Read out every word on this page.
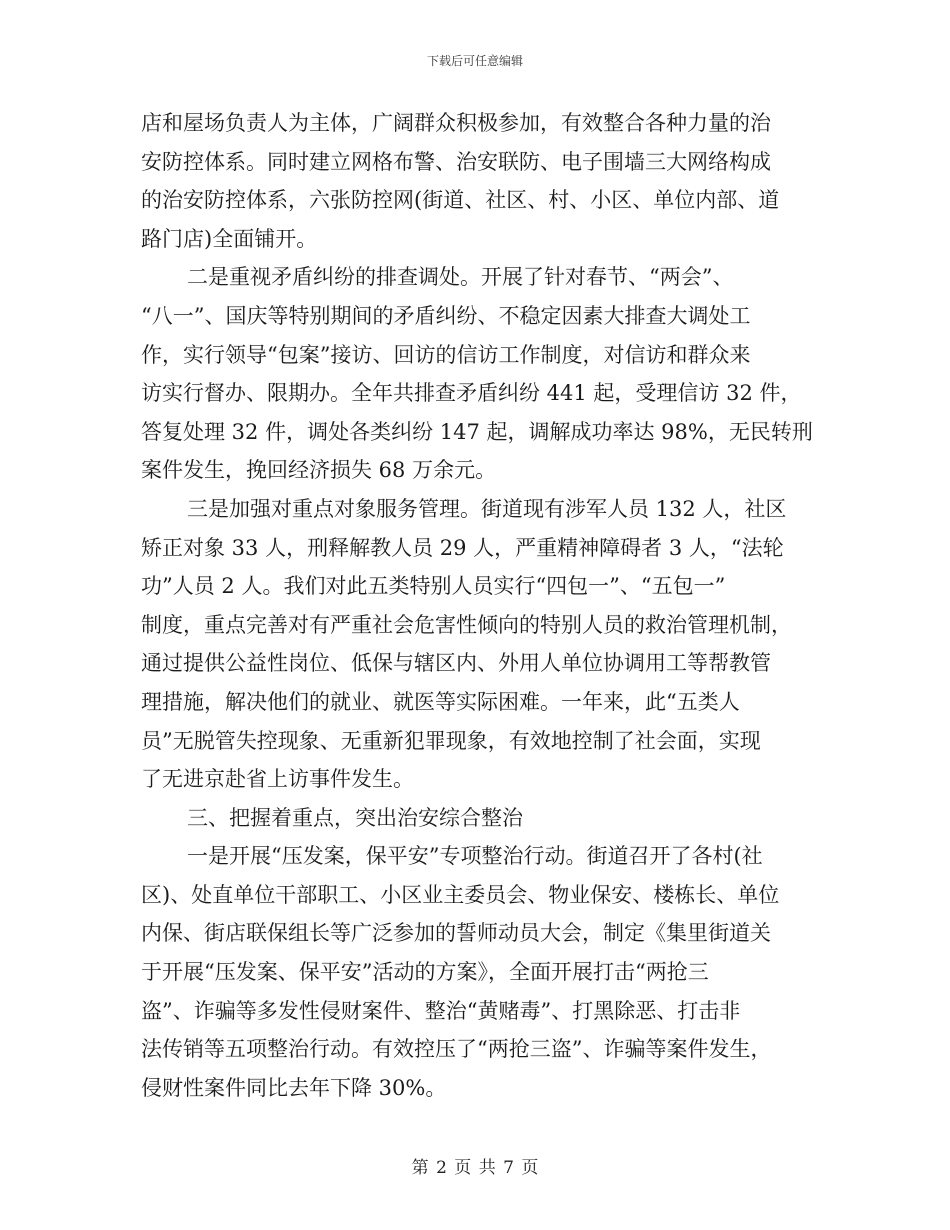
下载后可任意编辑
店和屋场负责人为主体，广阔群众积极参加，有效整合各种力量的治
安防控体系。同时建立网格布警、治安联防、电子围墙三大网络构成
的治安防控体系，六张防控网(街道、社区、村、小区、单位内部、道
路门店)全面铺开。
二是重视矛盾纠纷的排查调处。开展了针对春节、“两会”、
“八一”、国庆等特别期间的矛盾纠纷、不稳定因素大排查大调处工
作，实行领导“包案”接访、回访的信访工作制度，对信访和群众来
访实行督办、限期办。全年共排查矛盾纠纷 441 起，受理信访 32 件，
答复处理 32 件，调处各类纠纷 147 起，调解成功率达 98%，无民转刑
案件发生，挽回经济损失 68 万余元。
三是加强对重点对象服务管理。街道现有涉军人员 132 人，社区
矫正对象 33 人，刑释解教人员 29 人，严重精神障碍者 3 人，“法轮
功”人员 2 人。我们对此五类特别人员实行“四包一”、“五包一”
制度，重点完善对有严重社会危害性倾向的特别人员的救治管理机制，
通过提供公益性岗位、低保与辖区内、外用人单位协调用工等帮教管
理措施，解决他们的就业、就医等实际困难。一年来，此“五类人
员”无脱管失控现象、无重新犯罪现象，有效地控制了社会面，实现
了无进京赴省上访事件发生。
三、把握着重点，突出治安综合整治
一是开展“压发案，保平安”专项整治行动。街道召开了各村(社
区)、处直单位干部职工、小区业主委员会、物业保安、楼栋长、单位
内保、街店联保组长等广泛参加的誓师动员大会，制定《集里街道关
于开展“压发案、保平安”活动的方案》，全面开展打击“两抢三
盗”、诈骗等多发性侵财案件、整治“黄赌毒”、打黑除恶、打击非
法传销等五项整治行动。有效控压了“两抢三盗”、诈骗等案件发生，
侵财性案件同比去年下降 30%。
第 2 页 共 7 页
